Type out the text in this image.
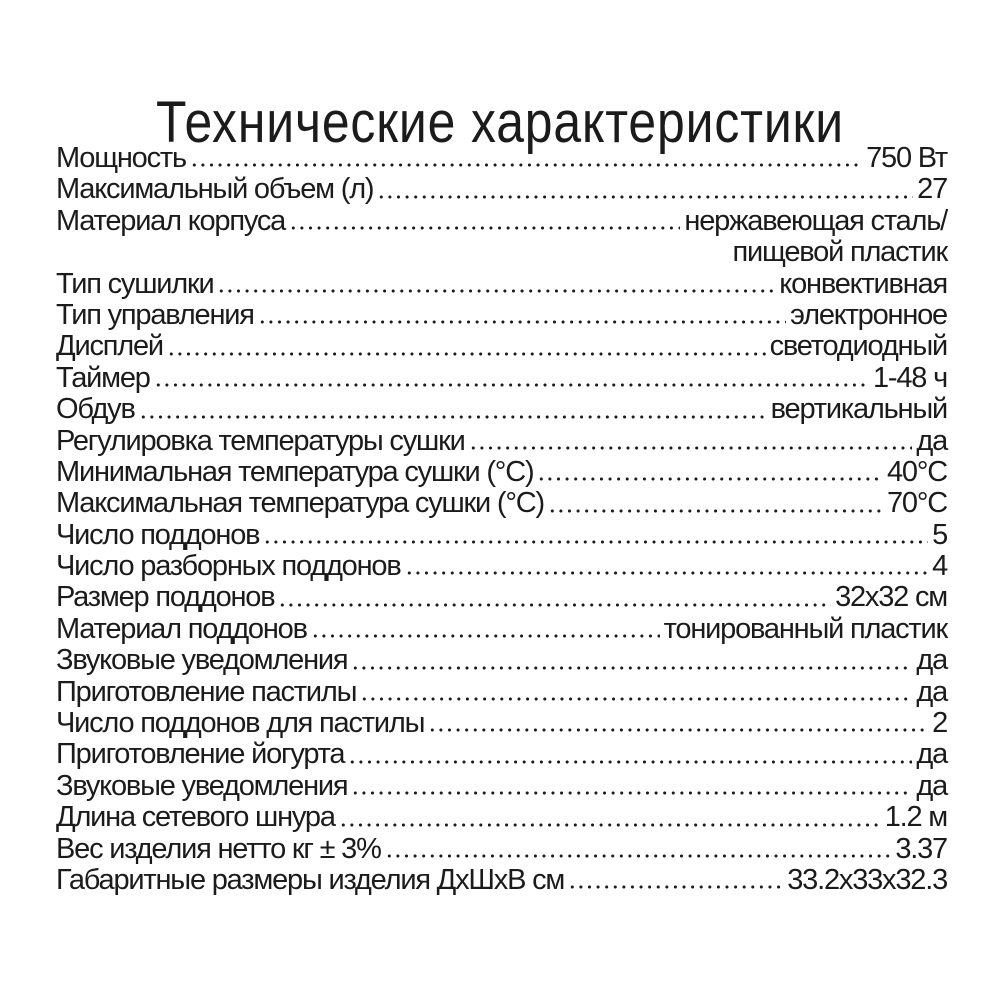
Технические характеристики
Мощность	750 Вт
Максимальный объем (л)	27
Материал корпуса	нержавеющая сталь/
пищевой пластик
Тип сушилки	конвективная
Тип управления	электронное
Дисплей	светодиодный
Таймер	1-48 ч
Обдув	вертикальный
Регулировка температуры сушки	да
Минимальная температура сушки (°С)	40°С
Максимальная температура сушки (°С)	70°С
Число поддонов	5
Число разборных поддонов	4
Размер поддонов	32х32 см
Материал поддонов	тонированный пластик
Звуковые уведомления	да
Приготовление пастилы	да
Число поддонов для пастилы	2
Приготовление йогурта	да
Звуковые уведомления	да
Длина сетевого шнура	1.2 м
Вес изделия нетто кг ± 3%	3.37
Габаритные размеры изделия ДхШхВ см	33.2х33х32.3
